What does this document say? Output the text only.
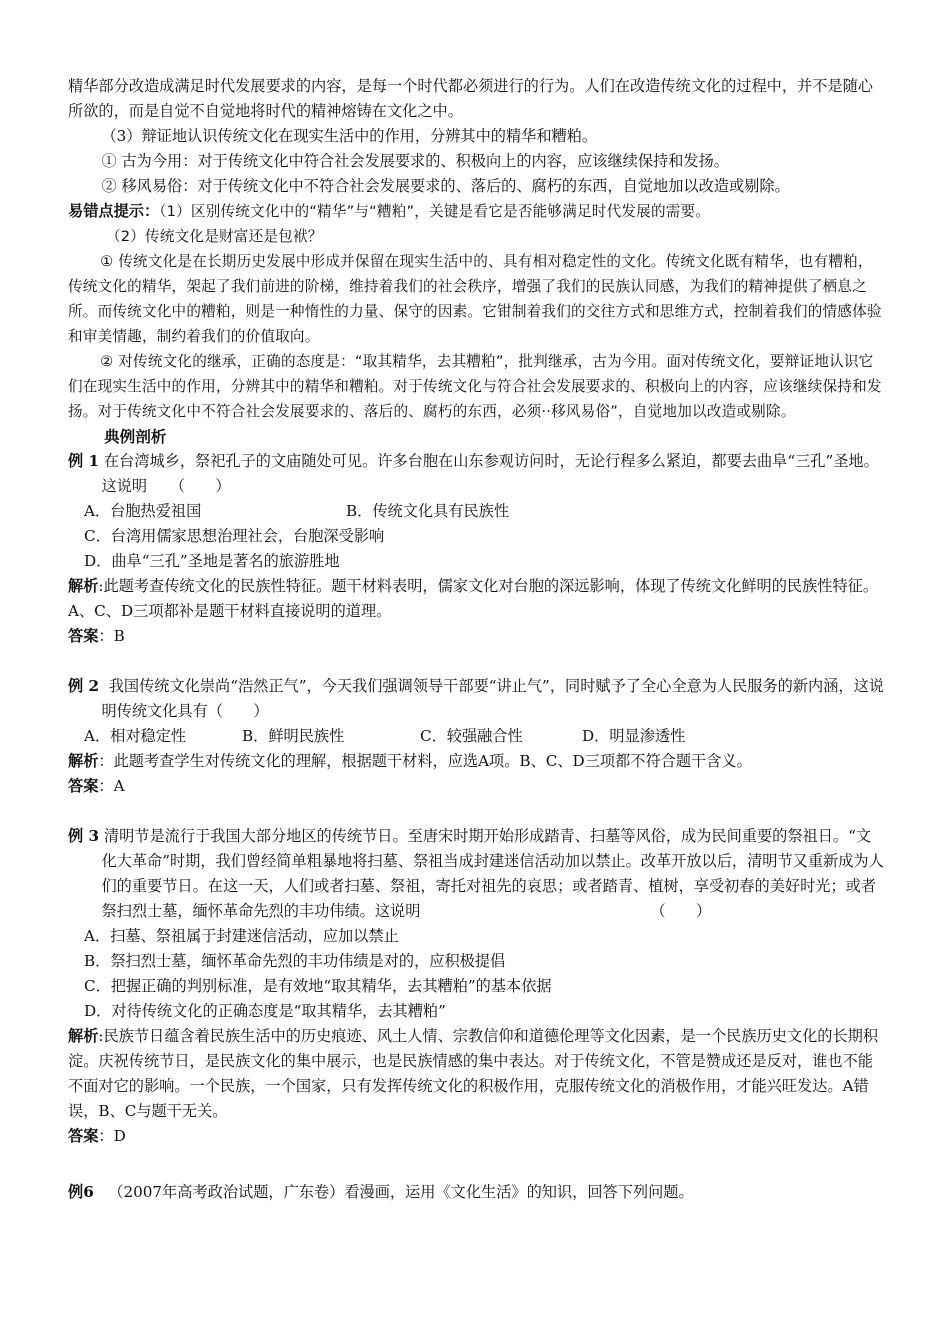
精华部分改造成满足时代发展要求的内容，是每一个时代都必须进行的行为。人们在改造传统文化的过程中，并不是随心所欲的，而是自觉不自觉地将时代的精神熔铸在文化之中。

（3）辩证地认识传统文化在现实生活中的作用，分辨其中的精华和糟粕。

① 古为今用：对于传统文化中符合社会发展要求的、积极向上的内容，应该继续保持和发扬。

② 移风易俗：对于传统文化中不符合社会发展要求的、落后的、腐朽的东西，自觉地加以改造或剔除。

易错点提示：（1）区别传统文化中的“精华”与“糟粕”，关键是看它是否能够满足时代发展的需要。

（2）传统文化是财富还是包袱？

① 传统文化是在长期历史发展中形成并保留在现实生活中的、具有相对稳定性的文化。传统文化既有精华，也有糟粕，传统文化的精华，架起了我们前进的阶梯，维持着我们的社会秩序，增强了我们的民族认同感，为我们的精神提供了栖息之所。而传统文化中的糟粕，则是一种惰性的力量、保守的因素。它钳制着我们的交往方式和思维方式，控制着我们的情感体验和审美情趣，制约着我们的价值取向。

② 对传统文化的继承，正确的态度是：“取其精华，去其糟粕”，批判继承，古为今用。面对传统文化，要辩证地认识它们在现实生活中的作用，分辨其中的精华和糟粕。对于传统文化与符合社会发展要求的、积极向上的内容，应该继续保持和发扬。对于传统文化中不符合社会发展要求的、落后的、腐朽的东西，必须··移风易俗”，自觉地加以改造或剔除。

典例剖析

例 1 在台湾城乡，祭祀孔子的文庙随处可见。许多台胞在山东参观访问时，无论行程多么紧迫，都要去曲阜“三孔”圣地。这说明　　（　　）

A．台胞热爱祖国	B．传统文化具有民族性

C．台湾用儒家思想治理社会，台胞深受影响

D．曲阜“三孔”圣地是著名的旅游胜地

解析:此题考查传统文化的民族性特征。题干材料表明，儒家文化对台胞的深远影响，体现了传统文化鲜明的民族性特征。A、C、D三项都补是题干材料直接说明的道理。

答案：B

例 2 我国传统文化崇尚“浩然正气”，今天我们强调领导干部要“讲止气”，同时赋予了全心全意为人民服务的新内涵，这说明传统文化具有（　　）

A．相对稳定性	B．鲜明民族性	C．较强融合性	D．明显渗透性

解析：此题考查学生对传统文化的理解，根据题干材料，应选A项。B、C、D三项都不符合题干含义。

答案：A

例 3 清明节是流行于我国大部分地区的传统节日。至唐宋时期开始形成踏青、扫墓等风俗，成为民间重要的祭祖日。“文化大革命”时期，我们曾经简单粗暴地将扫墓、祭祖当成封建迷信活动加以禁止。改革开放以后，清明节又重新成为人们的重要节日。在这一天，人们或者扫墓、祭祖，寄托对祖先的哀思；或者踏青、植树，享受初春的美好时光；或者祭扫烈士墓，缅怀革命先烈的丰功伟绩。这说明	（　　）

A．扫墓、祭祖属于封建迷信活动，应加以禁止

B．祭扫烈士墓，缅怀革命先烈的丰功伟绩是对的，应积极提倡

C．把握正确的判别标准，是有效地“取其精华，去其糟粕”的基本依据

D．对待传统文化的正确态度是“取其精华，去其糟粕”

解析:民族节日蕴含着民族生活中的历史痕迹、风土人情、宗教信仰和道德伦理等文化因素，是一个民族历史文化的长期积淀。庆祝传统节日，是民族文化的集中展示，也是民族情感的集中表达。对于传统文化，不管是赞成还是反对，谁也不能不面对它的影响。一个民族，一个国家，只有发挥传统文化的积极作用，克服传统文化的消极作用，才能兴旺发达。A错误，B、C与题干无关。

答案：D

例6 （2007年高考政治试题，广东卷）看漫画，运用《文化生活》的知识，回答下列问题。
